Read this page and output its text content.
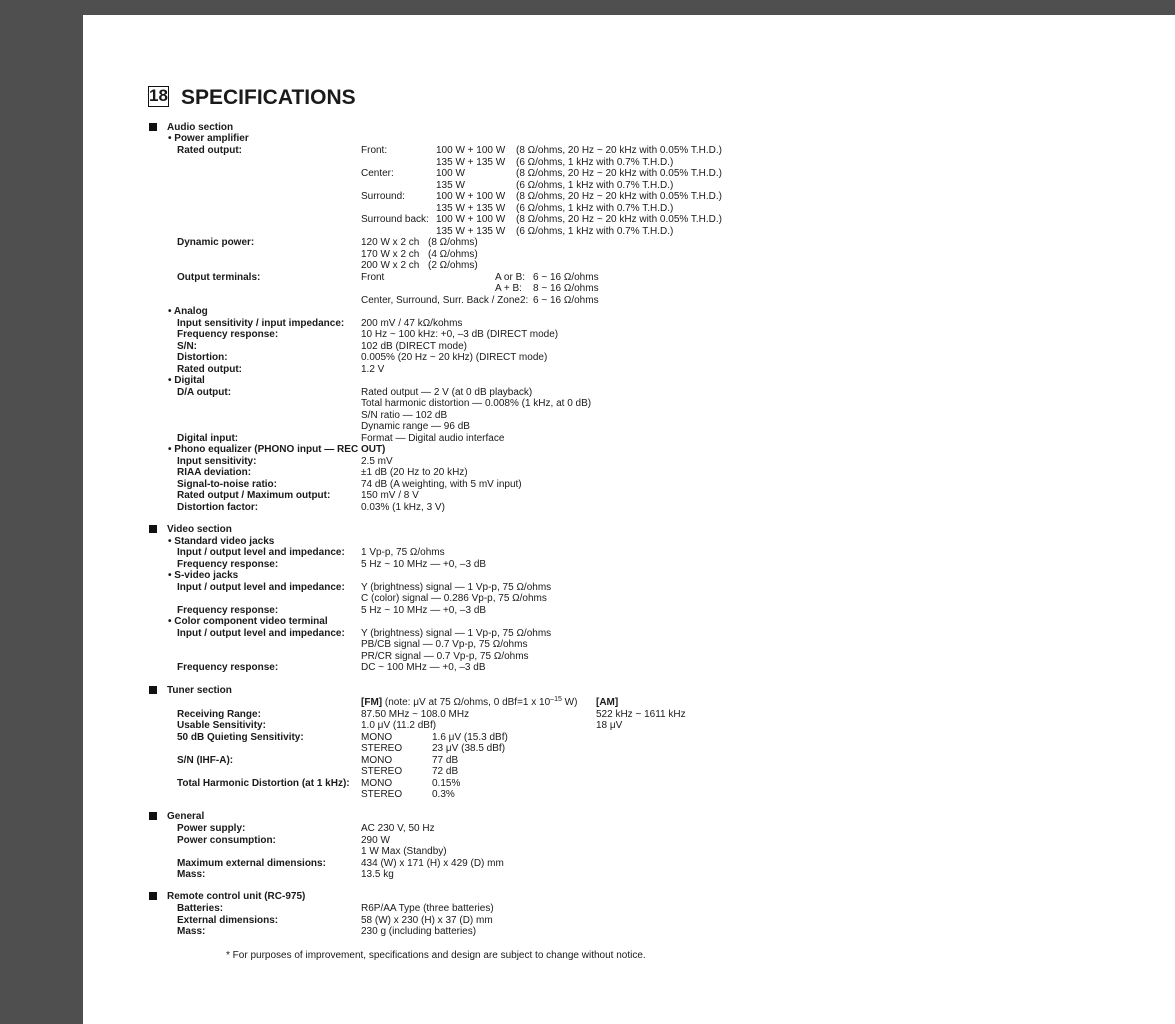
18 SPECIFICATIONS
Audio section
• Power amplifier
Rated output:	Front:	100 W + 100 W (8 Ω/ohms, 20 Hz ~ 20 kHz with 0.05% T.H.D.)
135 W + 135 W (6 Ω/ohms, 1 kHz with 0.7% T.H.D.)
Center:	100 W	(8 Ω/ohms, 20 Hz ~ 20 kHz with 0.05% T.H.D.)
135 W	(6 Ω/ohms, 1 kHz with 0.7% T.H.D.)
Surround:	100 W + 100 W (8 Ω/ohms, 20 Hz ~ 20 kHz with 0.05% T.H.D.)
135 W + 135 W (6 Ω/ohms, 1 kHz with 0.7% T.H.D.)
Surround back: 100 W + 100 W (8 Ω/ohms, 20 Hz ~ 20 kHz with 0.05% T.H.D.)
135 W + 135 W (6 Ω/ohms, 1 kHz with 0.7% T.H.D.)
Dynamic power:	120 W x 2 ch (8 Ω/ohms)
170 W x 2 ch (4 Ω/ohms)
200 W x 2 ch (2 Ω/ohms)
Output terminals:	Front	A or B: 6 ~ 16 Ω/ohms
A + B: 8 ~ 16 Ω/ohms
Center, Surround, Surr. Back / Zone2: 6 ~ 16 Ω/ohms
• Analog
Input sensitivity / input impedance: 200 mV / 47 kΩ/kohms
Frequency response:	10 Hz ~ 100 kHz: +0, –3 dB (DIRECT mode)
S/N:	102 dB (DIRECT mode)
Distortion:	0.005% (20 Hz ~ 20 kHz) (DIRECT mode)
Rated output:	1.2 V
• Digital
D/A output:	Rated output — 2 V (at 0 dB playback)
Total harmonic distortion — 0.008% (1 kHz, at 0 dB)
S/N ratio — 102 dB
Dynamic range — 96 dB
Digital input:	Format — Digital audio interface
• Phono equalizer (PHONO input — REC OUT)
Input sensitivity:	2.5 mV
RIAA deviation:	±1 dB (20 Hz to 20 kHz)
Signal-to-noise ratio:	74 dB (A weighting, with 5 mV input)
Rated output / Maximum output:	150 mV / 8 V
Distortion factor:	0.03% (1 kHz, 3 V)
Video section
• Standard video jacks
Input / output level and impedance: 1 Vp-p, 75 Ω/ohms
Frequency response:	5 Hz ~ 10 MHz — +0, –3 dB
• S-video jacks
Input / output level and impedance: Y (brightness) signal — 1 Vp-p, 75 Ω/ohms
C (color) signal — 0.286 Vp-p, 75 Ω/ohms
Frequency response:	5 Hz ~ 10 MHz — +0, –3 dB
• Color component video terminal
Input / output level and impedance: Y (brightness) signal — 1 Vp-p, 75 Ω/ohms
PB/CB signal — 0.7 Vp-p, 75 Ω/ohms
PR/CR signal — 0.7 Vp-p, 75 Ω/ohms
Frequency response:	DC ~ 100 MHz — +0, –3 dB
Tuner section
[FM] (note: μV at 75 Ω/ohms, 0 dBf=1 x $10^{-15}$ W) [AM]
Receiving Range:	87.50 MHz ~ 108.0 MHz	522 kHz ~ 1611 kHz
Usable Sensitivity:	1.0 μV (11.2 dBf)	18 μV
50 dB Quieting Sensitivity:	MONO	1.6 μV (15.3 dBf)
STEREO	23 μV (38.5 dBf)
S/N (IHF-A):	MONO	77 dB
STEREO	72 dB
Total Harmonic Distortion (at 1 kHz): MONO	0.15%
STEREO	0.3%
General
Power supply:	AC 230 V, 50 Hz
Power consumption:	290 W
1 W Max (Standby)
Maximum external dimensions:	434 (W) x 171 (H) x 429 (D) mm
Mass:	13.5 kg
Remote control unit (RC-975)
Batteries:	R6P/AA Type (three batteries)
External dimensions:	58 (W) x 230 (H) x 37 (D) mm
Mass:	230 g (including batteries)
* For purposes of improvement, specifications and design are subject to change without notice.
